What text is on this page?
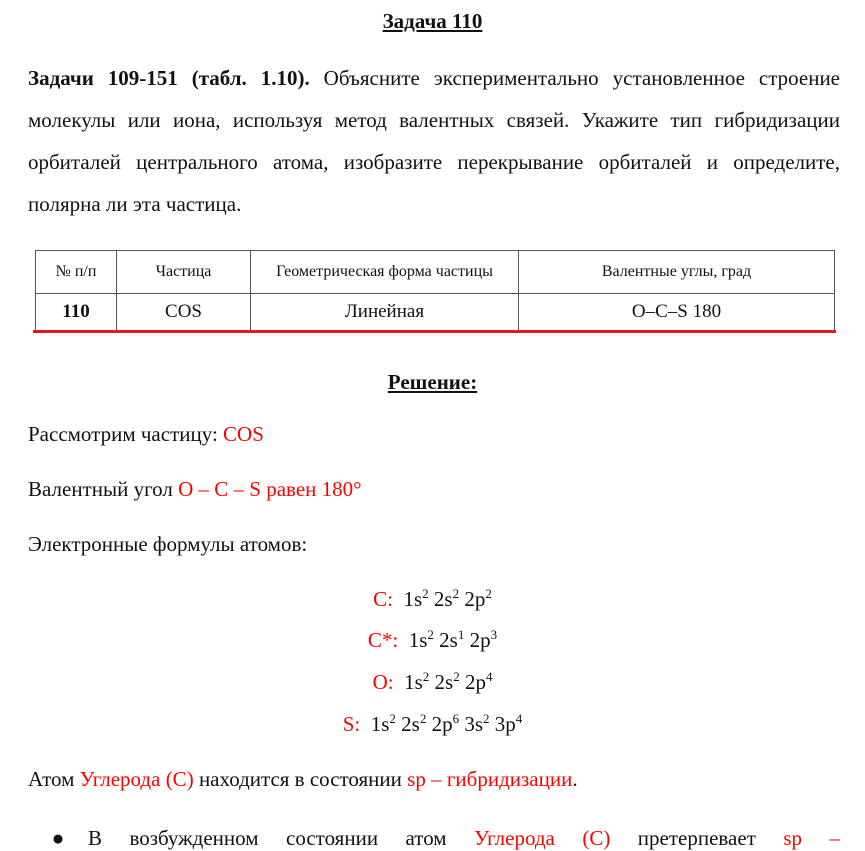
Задача 110
Задачи 109-151 (табл. 1.10). Объясните экспериментально установленное строение молекулы или иона, используя метод валентных связей. Укажите тип гибридизации орбиталей центрального атома, изобразите перекрывание орбиталей и определите, полярна ли эта частица.
№ п/п	Частица	Геометрическая форма частицы	Валентные углы, град
110	COS	Линейная	O–C–S 180
Решение:
Рассмотрим частицу: COS
Валентный угол O – C – S равен 180°
Электронные формулы атомов:
C: $1s^2$ $2s^2$ $2p^2$
C*: $1s^2$ $2s^1$ $2p^3$
O: $1s^2$ $2s^2$ $2p^4$
S: $1s^2$ $2s^2$ $2p^6$ $3s^2$ $3p^4$
Атом Углерода (С) находится в состоянии sp – гибридизации.
●	В возбужденном состоянии атом Углерода (С) претерпевает sp –
